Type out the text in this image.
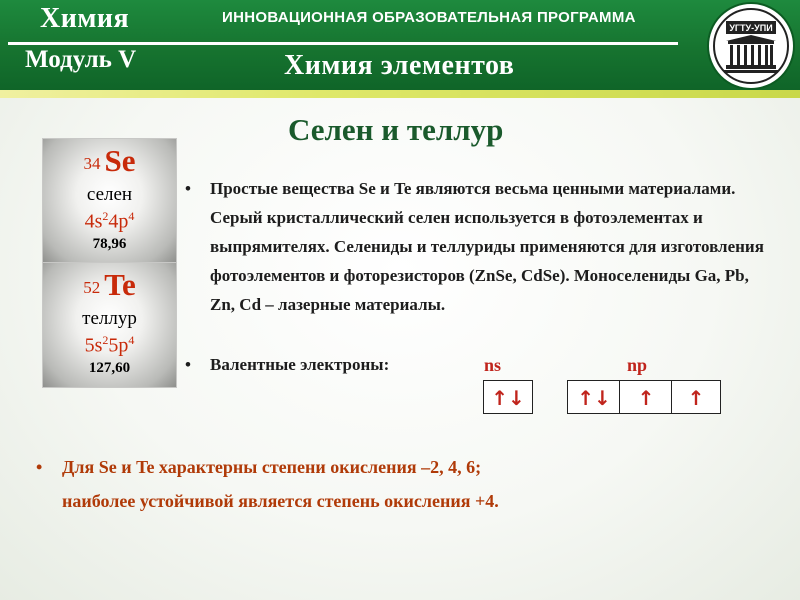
Химия	ИННОВАЦИОННАЯ ОБРАЗОВАТЕЛЬНАЯ ПРОГРАММА
Модуль V	Химия элементов
УГТУ-УПИ
Селен и теллур
34 Se
селен
$4s^24p^4$
78,96
52 Te
теллур
$5s^25p^4$
127,60
• Простые вещества Se и Te являются весьма ценными материалами. Серый кристаллический селен используется в фотоэлементах и выпрямителях. Селениды и теллуриды применяются для изготовления фотоэлементов и фоторезисторов (ZnSe, CdSe). Моноселениды Ga, Pb, Zn, Cd – лазерные материалы.
• Валентные электроны:	ns	np
↑↓	↑↓	↑	↑
• Для Se и Te характерны степени окисления –2, 4, 6;
наиболее устойчивой является степень окисления +4.
